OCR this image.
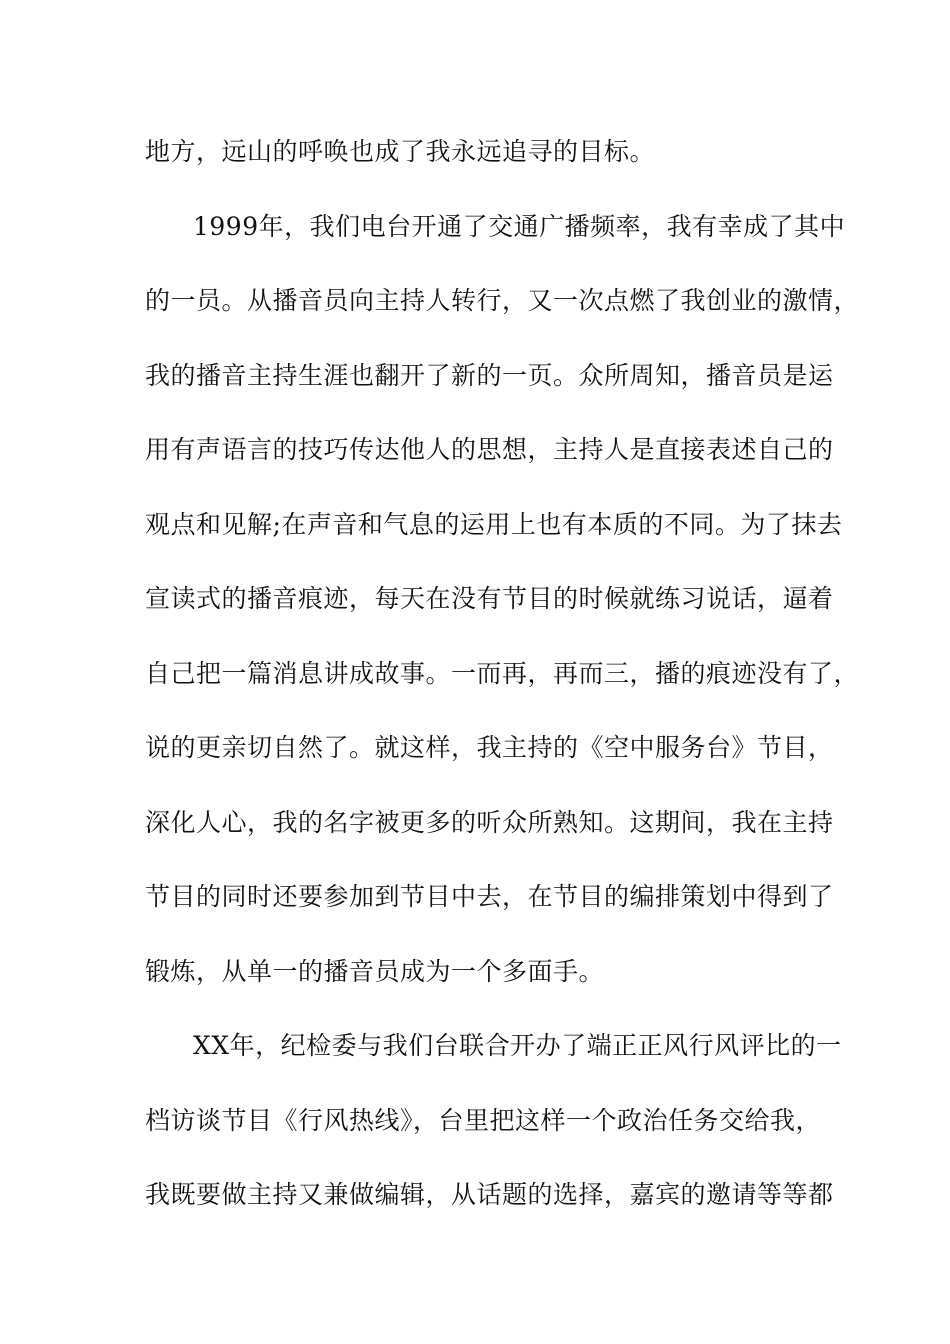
地方，远山的呼唤也成了我永远追寻的目标。
1999年，我们电台开通了交通广播频率，我有幸成了其中
的一员。从播音员向主持人转行，又一次点燃了我创业的激情，
我的播音主持生涯也翻开了新的一页。众所周知，播音员是运
用有声语言的技巧传达他人的思想，主持人是直接表述自己的
观点和见解;在声音和气息的运用上也有本质的不同。为了抹去
宣读式的播音痕迹，每天在没有节目的时候就练习说话，逼着
自己把一篇消息讲成故事。一而再，再而三，播的痕迹没有了，
说的更亲切自然了。就这样，我主持的《空中服务台》节目，
深化人心，我的名字被更多的听众所熟知。这期间，我在主持
节目的同时还要参加到节目中去，在节目的编排策划中得到了
锻炼，从单一的播音员成为一个多面手。
XX年，纪检委与我们台联合开办了端正正风行风评比的一
档访谈节目《行风热线》，台里把这样一个政治任务交给我，
我既要做主持又兼做编辑，从话题的选择，嘉宾的邀请等等都
